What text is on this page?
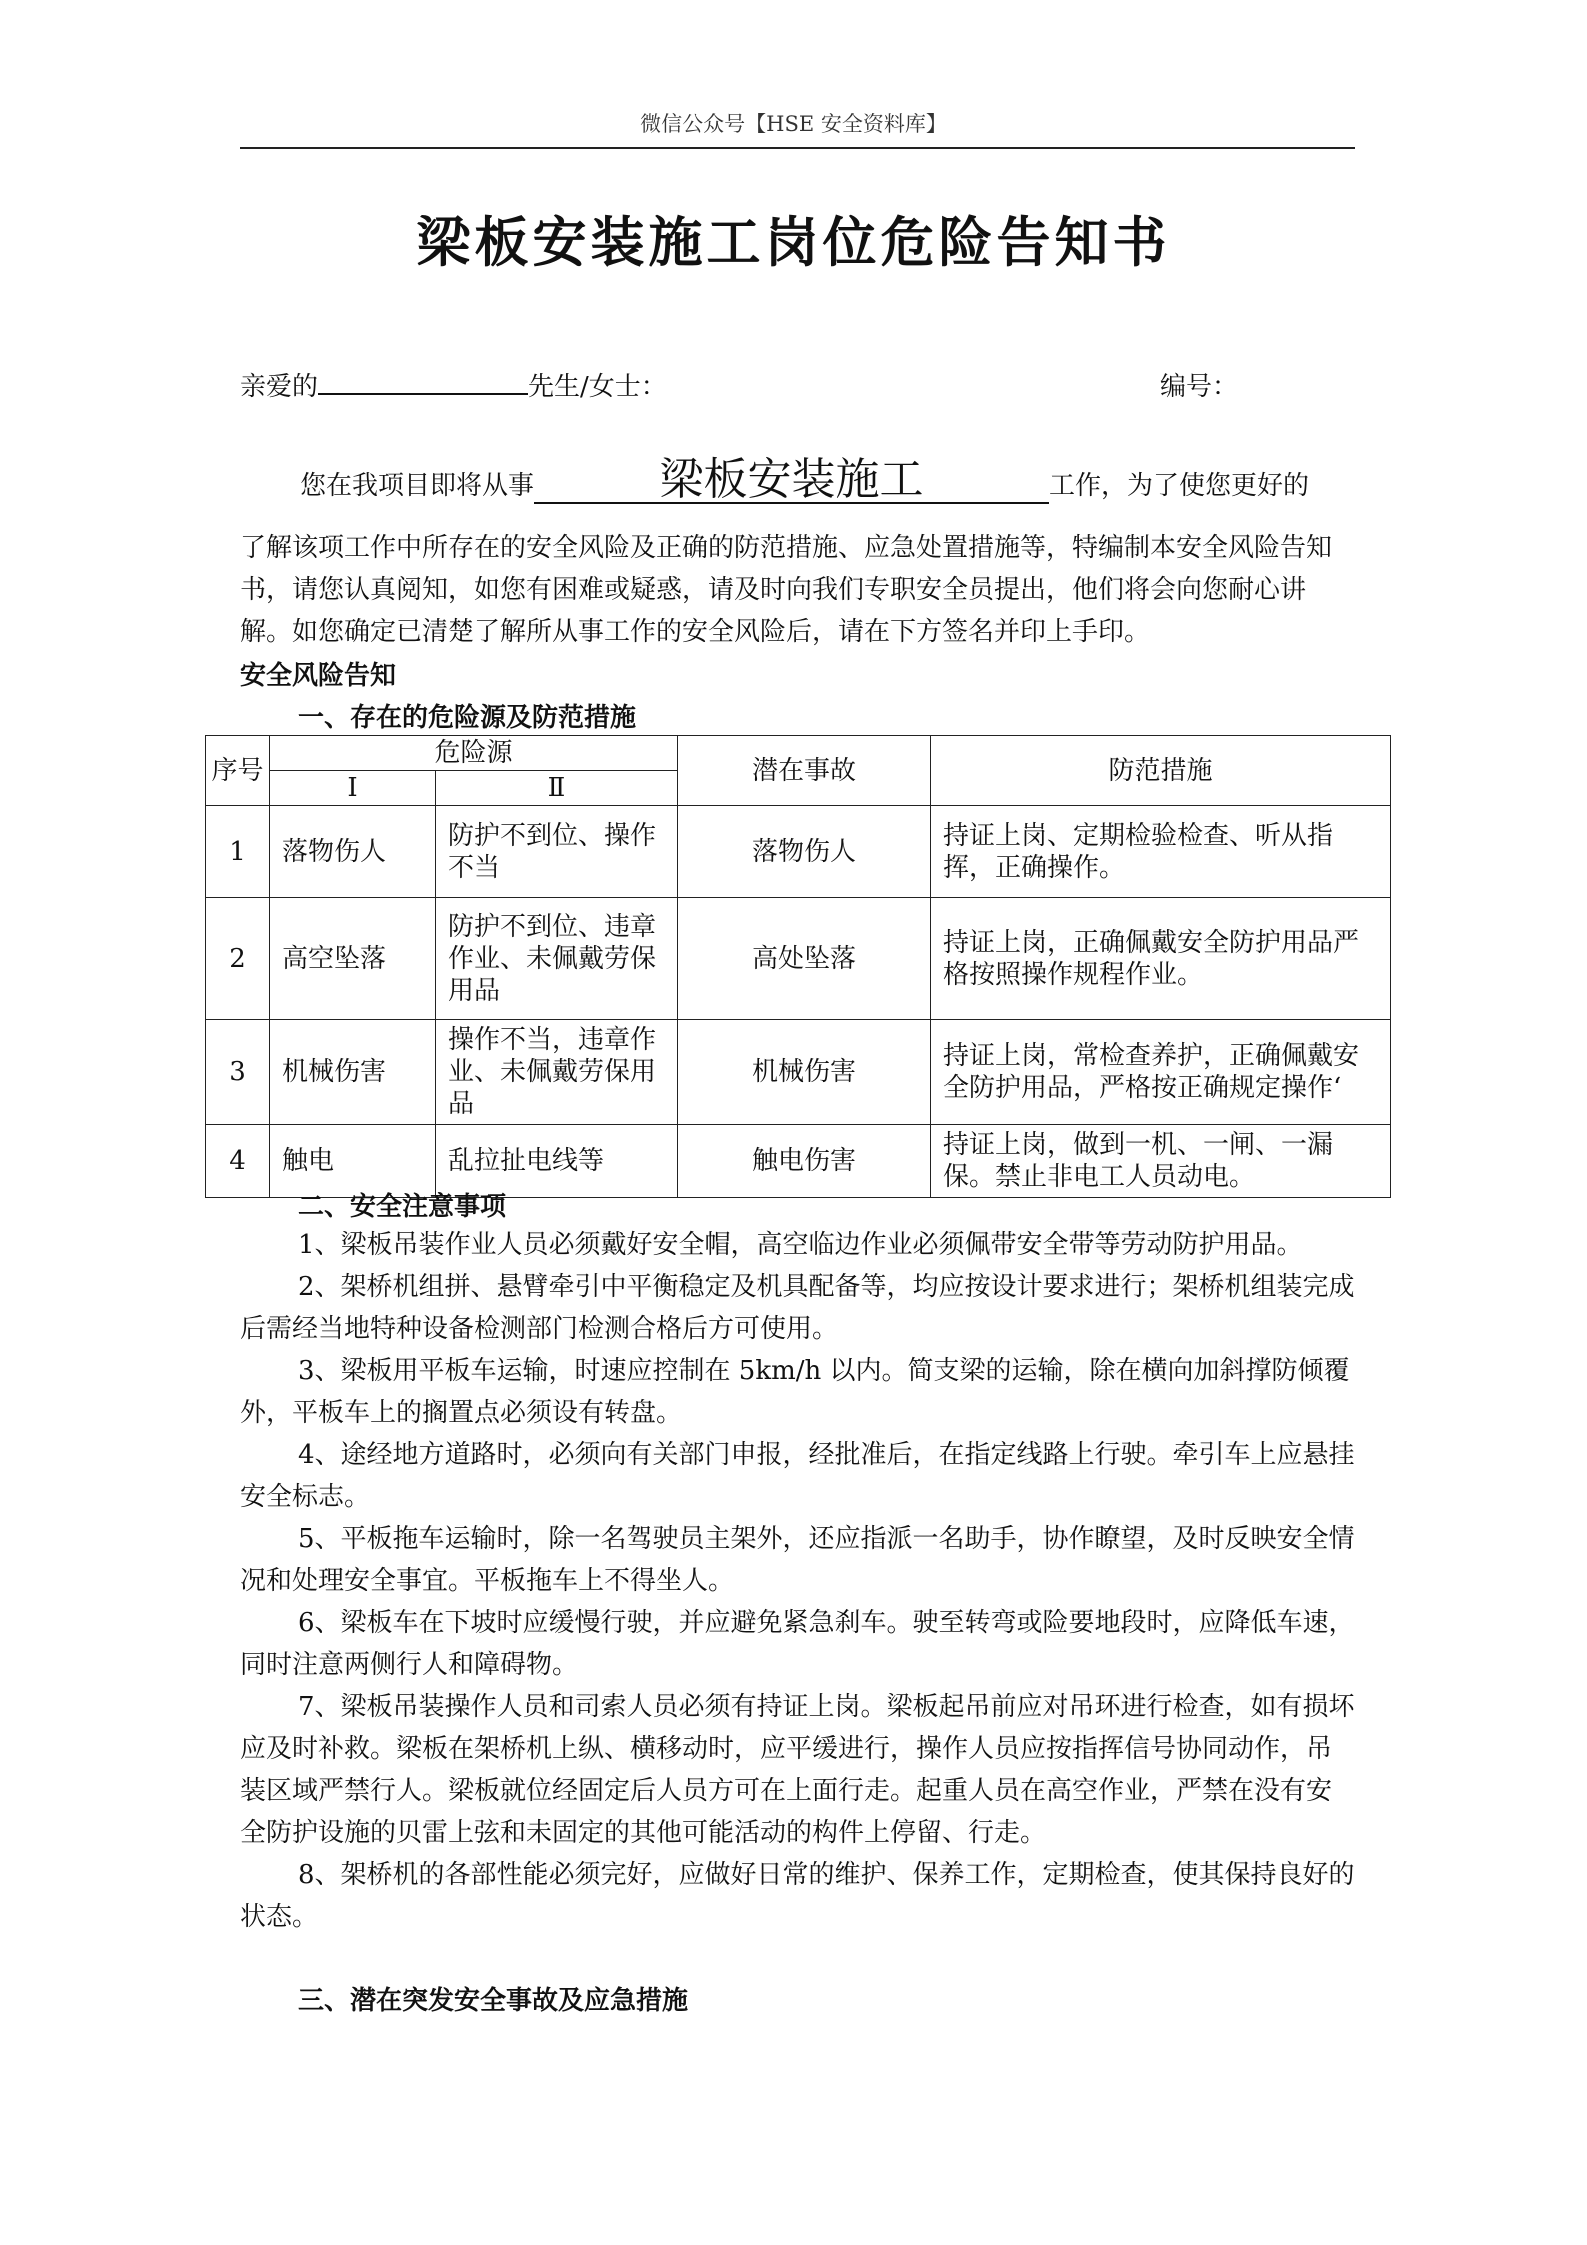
微信公众号【HSE 安全资料库】
梁板安装施工岗位危险告知书
亲爱的	先生/女士：	编号：
您在我项目即将从事	梁板安装施工	工作，为了使您更好的
了解该项工作中所存在的安全风险及正确的防范措施、应急处置措施等，特编制本安全风险告知书，请您认真阅知，如您有困难或疑惑，请及时向我们专职安全员提出，他们将会向您耐心讲解。如您确定已清楚了解所从事工作的安全风险后，请在下方签名并印上手印。
安全风险告知
一、存在的危险源及防范措施
序号	危险源		潜在事故	防范措施
	Ⅰ	Ⅱ		
1	落物伤人	防护不到位、操作不当	落物伤人	持证上岗、定期检验检查、听从指挥，正确操作。
2	高空坠落	防护不到位、违章作业、未佩戴劳保用品	高处坠落	持证上岗，正确佩戴安全防护用品严格按照操作规程作业。
3	机械伤害	操作不当，违章作业、未佩戴劳保用品	机械伤害	持证上岗，常检查养护，正确佩戴安全防护用品，严格按正确规定操作‘
4	触电	乱拉扯电线等	触电伤害	持证上岗，做到一机、一闸、一漏保。禁止非电工人员动电。
二、安全注意事项
1、梁板吊装作业人员必须戴好安全帽，高空临边作业必须佩带安全带等劳动防护用品。
2、架桥机组拼、悬臂牵引中平衡稳定及机具配备等，均应按设计要求进行；架桥机组装完成后需经当地特种设备检测部门检测合格后方可使用。
3、梁板用平板车运输，时速应控制在 5km/h 以内。简支梁的运输，除在横向加斜撑防倾覆外，平板车上的搁置点必须设有转盘。
4、途经地方道路时，必须向有关部门申报，经批准后，在指定线路上行驶。牵引车上应悬挂安全标志。
5、平板拖车运输时，除一名驾驶员主架外，还应指派一名助手，协作瞭望，及时反映安全情况和处理安全事宜。平板拖车上不得坐人。
6、梁板车在下坡时应缓慢行驶，并应避免紧急刹车。驶至转弯或险要地段时，应降低车速，同时注意两侧行人和障碍物。
7、梁板吊装操作人员和司索人员必须有持证上岗。梁板起吊前应对吊环进行检查，如有损坏应及时补救。梁板在架桥机上纵、横移动时，应平缓进行，操作人员应按指挥信号协同动作，吊装区域严禁行人。梁板就位经固定后人员方可在上面行走。起重人员在高空作业，严禁在没有安全防护设施的贝雷上弦和未固定的其他可能活动的构件上停留、行走。
8、架桥机的各部性能必须完好，应做好日常的维护、保养工作，定期检查，使其保持良好的状态。
三、潜在突发安全事故及应急措施
